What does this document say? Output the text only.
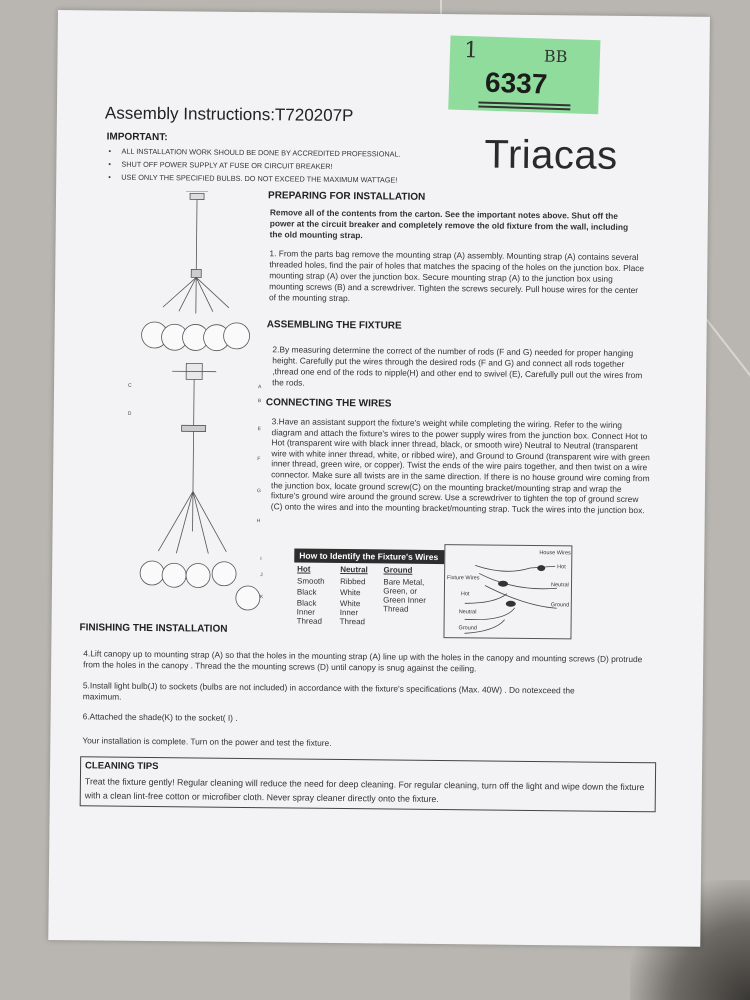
Assembly Instructions:T720207P
Triacas
IMPORTANT:
• ALL INSTALLATION WORK SHOULD BE DONE BY ACCREDITED PROFESSIONAL.
• SHUT OFF POWER SUPPLY AT FUSE OR CIRCUIT BREAKER!
• USE ONLY THE SPECIFIED BULBS. DO NOT EXCEED THE MAXIMUM WATTAGE!
PREPARING FOR INSTALLATION
Remove all of the contents from the carton. See the important notes above. Shut off the power at the circuit breaker and completely remove the old fixture from the wall, including the old mounting strap.
1. From the parts bag remove the mounting strap (A) assembly. Mounting strap (A) contains several threaded holes, find the pair of holes that matches the spacing of the holes on the junction box. Place mounting strap (A) over the junction box. Secure mounting strap (A) to the junction box using mounting screws (B) and a screwdriver. Tighten the screws securely. Pull house wires for the center of the mounting strap.
ASSEMBLING THE FIXTURE
2.By measuring determine the correct of the number of rods (F and G) needed for proper hanging height. Carefully put the wires through the desired rods (F and G) and connect all rods together ,thread one end of the rods to nipple(H) and other end to swivel (E), Carefully pull out the wires from the rods.
CONNECTING THE WIRES
3.Have an assistant support the fixture's weight while completing the wiring. Refer to the wiring diagram and attach the fixture's wires to the power supply wires from the junction box. Connect Hot to Hot (transparent wire with black inner thread, black, or smooth wire) Neutral to Neutral (transparent wire with white inner thread, white, or ribbed wire), and Ground to Ground (transparent wire with green inner thread, green wire, or copper). Twist the ends of the wire pairs together, and then twist on a wire connector. Make sure all twists are in the same direction. If there is no house ground wire coming from the junction box, locate ground screw(C) on the mounting bracket/mounting strap and wrap the fixture's ground wire around the ground screw. Use a screwdriver to tighten the top of ground screw (C) onto the wires and into the mounting bracket/mounting strap. Tuck the wires into the junction box.
A
B
C
D
E
F
G
H
I
J
K
How to Identify the Fixture's Wires		
Hot	Neutral	Ground
Smooth	Ribbed	Bare Metal, Green, or Green Inner Thread
Black	White	
Black Inner Thread	White Inner Thread	
House Wires
Hot
Fixture Wires
Neutral
Hot
Ground
Neutral
Ground
FINISHING THE INSTALLATION
4.Lift canopy up to mounting strap (A) so that the holes in the mounting strap (A) line up with the holes in the canopy and mounting screws (D) protrude from the holes in the canopy . Thread the the mounting screws (D) until canopy is snug against the ceiling.
5.Install light bulb(J) to sockets (bulbs are not included) in accordance with the fixture's specifications (Max. 40W) . Do notexceed the maximum.
6.Attached the shade(K) to the socket( I) .
Your installation is complete. Turn on the power and test the fixture.
CLEANING TIPS
Treat the fixture gently! Regular cleaning will reduce the need for deep cleaning. For regular cleaning, turn off the light and wipe down the fixture with a clean lint-free cotton or microfiber cloth. Never spray cleaner directly onto the fixture.
1	BB
6337
